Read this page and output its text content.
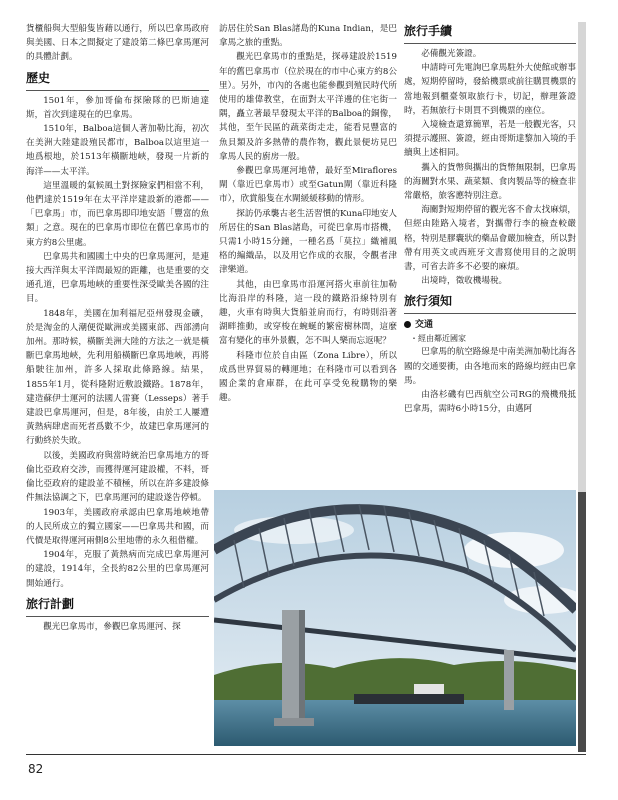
貨櫃船與大型船隻皆藉以通行，所以巴拿馬政府與美國、日本之間擬定了建設第二條巴拿馬運河的具體計劃。

歷史

1501年，參加哥倫布探險隊的巴斯迪達斯，首次到達現在的巴拿馬。

1510年，Balboa這個人著加勒比海，初次在美洲大陸建設殖民都市，Balboa以這里這一地爲根地，於1513年橫斷地峽，發現一片新的海洋——太平洋。

這里溫暖的氣候風土對探險家們相當不利，他們達於1519年在太平洋岸建設新的港都——「巴拿馬」市，而巴拿馬即印地安語「豐富的魚類」之意。現在的巴拿馬市即位在舊巴拿馬市的東方約8公里處。

巴拿馬共和國國土中央的巴拿馬運河，是連接大西洋與太平洋間最短的距離，也是重要的交通孔道，巴拿馬地峽的重要性深受歐美各國的注目。

1848年，美國在加利福尼亞州發現金礦，於是淘金的人潮便從歐洲或美國東部、西部湧向加州。那時候，橫斷美洲大陸的方法之一就是橫斷巴拿馬地峽，先利用船橫斷巴拿馬地峽，再將船駛往加州，許多人採取此條路線。結果，1855年1月，從科隆附近敷設鐵路。1878年，建造蘇伊士運河的法國人雷賽（Lesseps）著手建設巴拿馬運河，但是，8年後，由於工人屢遭黃熱病肆虐而死者爲數不少，故建巴拿馬運河的行動終於失敗。

以後，美國政府與當時統治巴拿馬地方的哥倫比亞政府交涉，而獲得運河建設權，不料，哥倫比亞政府的建設並不積極，所以在許多建設條件無法協調之下，巴拿馬運河的建設遂告停頓。

1903年，美國政府承認由巴拿馬地峽地帶的人民所成立的獨立國家——巴拿馬共和國，而代價是取得運河兩側8公里地帶的永久租借權。

1904年，克服了黃熱病而完成巴拿馬運河的建設，1914年，全長約82公里的巴拿馬運河開始通行。

旅行計劃

觀光巴拿馬市，參觀巴拿馬運河、探

訪居住於San Blas諸島的Kuna Indian，是巴拿馬之旅的重點。

觀光巴拿馬市的重點是，探尋建設於1519年的舊巴拿馬市（位於現在的市中心東方約8公里）。另外，市內的各處也能參觀到殖民時代所使用的雄偉教堂，在面對太平洋邊的住宅街一隅，矗立著最早發現太平洋的Balboa的銅像，其他，至午民區的蔬菜街走走，能看見豐富的魚貝類及許多熱帶的農作物，觀此景便坊見巴拿馬人民的廚房一般。

參觀巴拿馬運河地帶，最好至Miraflores閘（靠近巴拿馬市）或至Gatun閘（靠近科隆市），欣賞船隻在水閘緩緩移動的情形。

探訪仍承襲古老生活習慣的Kuna印地安人所居住的San Blas諸島，可從巴拿馬市搭機，只需1小時15分鐘，一種名爲「莫拉」織補風格的編織品，以及用它作成的衣服，令觀者津津樂道。

其他，由巴拿馬市沿運河搭火車前往加勒比海沿岸的科隆，這一段的鐵路沿線特別有趣，火車有時與大貨船並肩而行，有時則沿著湖畔推動，或穿梭在蜿蜒的繁密樹林間，這麼富有變化的車外景觀，怎不叫人樂而忘返呢？

科隆市位於自由區（Zona Libre），所以成爲世界貿易的轉運地；在科隆市可以看到各國企業的倉庫群，在此可享受免稅購物的樂趣。

旅行手續

必備觀光簽證。

申請時可先電詢巴拿馬駐外大使館或辦事處，短期停留時，發給機票或前往購買機票的當地報到櫃臺領取旅行卡，切記，辦理簽證時，若無旅行卡則買不到機票的座位。

入境檢查還算簡單，若是一般觀光客，只須提示護照、簽證，經由哥斯達黎加入境的手續與上述相同。

攜入的貨幣與攜出的貨幣無限制，巴拿馬的海關對水果、蔬菜類、食肉製品等的檢查非常嚴格，旅客應特別注意。

海關對短期停留的觀光客不會太找麻煩，但經由陸路入境者，對攜帶行李的檢查較嚴格，特別是膠囊狀的藥品會嚴加檢查，所以對帶有用英文或西班牙文書寫使用目的之說明書，可省去許多不必要的麻煩。

出境時，徵收機場稅。

旅行須知
交通
・經由鄰近國家

巴拿馬的航空路線是中南美洲加勒比海各國的交通要衝，由各地而來的路線均經由巴拿馬。

由洛杉磯有巴西航空公司RG的飛機飛抵巴拿馬，需時6小時15分，由邁阿

82
